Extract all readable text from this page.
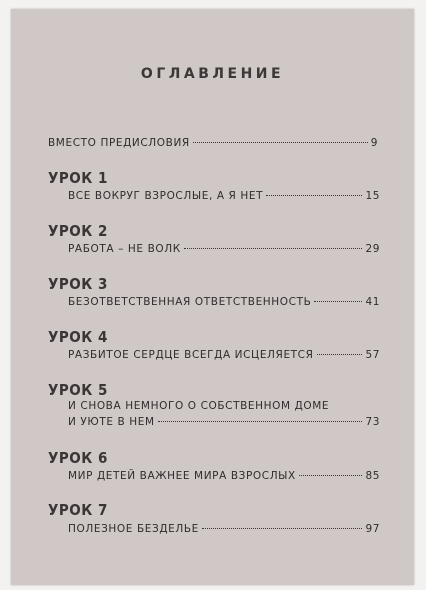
ОГЛАВЛЕНИЕ
ВМЕСТО ПРЕДИСЛОВИЯ	9
УРОК 1
ВСЕ ВОКРУГ ВЗРОСЛЫЕ, А Я НЕТ	15
УРОК 2
РАБОТА – НЕ ВОЛК	29
УРОК 3
БЕЗОТВЕТСТВЕННАЯ ОТВЕТСТВЕННОСТЬ	41
УРОК 4
РАЗБИТОЕ СЕРДЦЕ ВСЕГДА ИСЦЕЛЯЕТСЯ	57
УРОК 5
И СНОВА НЕМНОГО О СОБСТВЕННОМ ДОМЕ
И УЮТЕ В НЕМ	73
УРОК 6
МИР ДЕТЕЙ ВАЖНЕЕ МИРА ВЗРОСЛЫХ	85
УРОК 7
ПОЛЕЗНОЕ БЕЗДЕЛЬЕ	97
